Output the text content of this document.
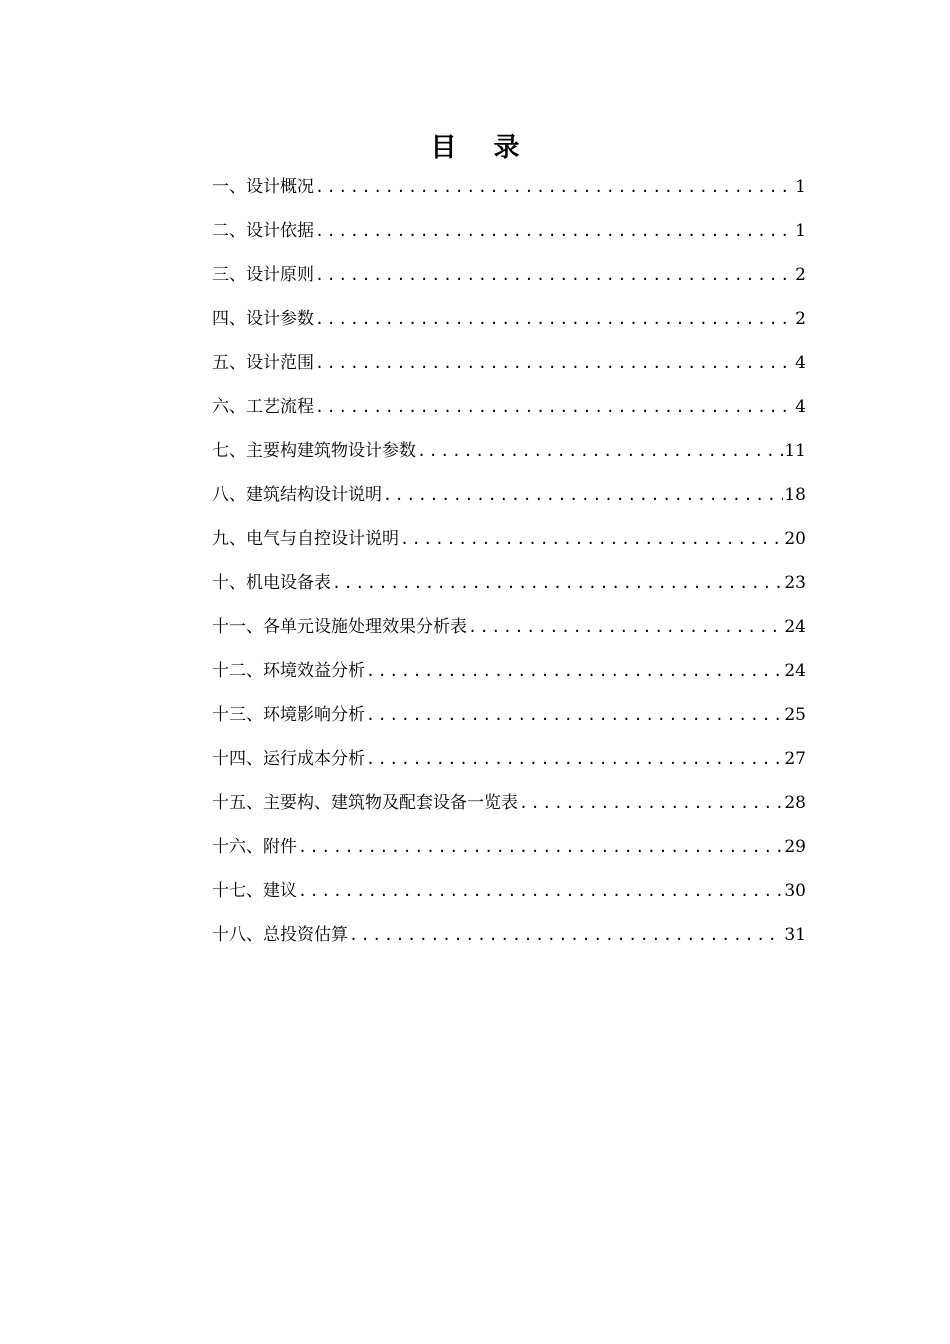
目 录
一、设计概况 .....	1
二、设计依据 .....	1
三、设计原则 .....	2
四、设计参数 .....	2
五、设计范围 .....	4
六、工艺流程 .....	4
七、主要构建筑物设计参数 .....	11
八、建筑结构设计说明 .....	18
九、电气与自控设计说明 .....	20
十、机电设备表 .....	23
十一、各单元设施处理效果分析表 .....	24
十二、环境效益分析 .....	24
十三、环境影响分析 .....	25
十四、运行成本分析 .....	27
十五、主要构、建筑物及配套设备一览表 .....	28
十六、附件 .....	29
十七、建议 .....	30
十八、总投资估算 .....	31
